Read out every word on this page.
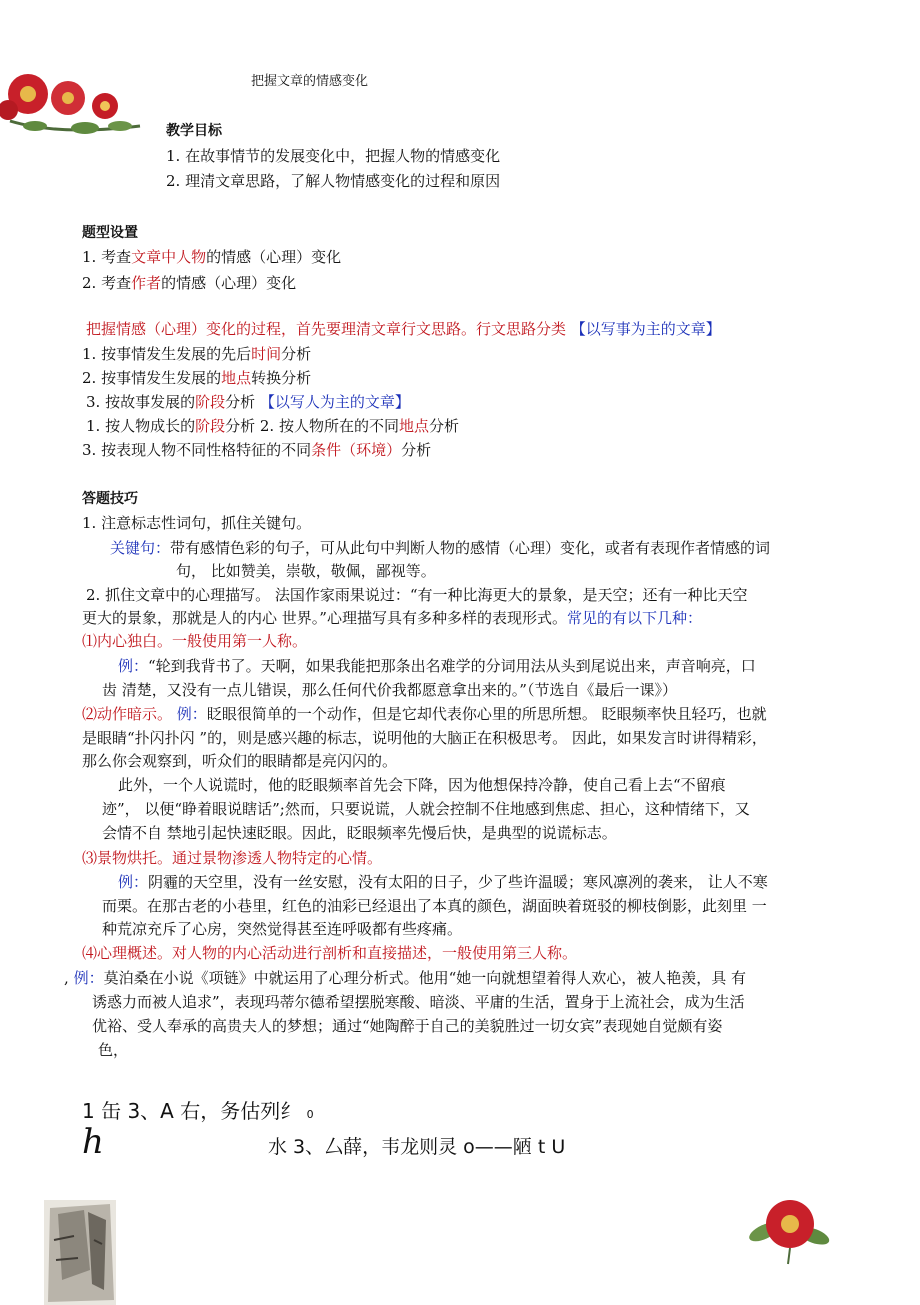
把握文章的情感变化
教学目标
1. 在故事情节的发展变化中，把握人物的情感变化
2. 理清文章思路，了解人物情感变化的过程和原因
题型设置
1. 考查文章中人物的情感（心理）变化
2. 考查作者的情感（心理）变化
把握情感（心理）变化的过程，首先要理清文章行文思路。行文思路分类 【以写事为主的文章】
1. 按事情发生发展的先后时间分析
2. 按事情发生发展的地点转换分析
3. 按故事发展的阶段分析 【以写人为主的文章】
1. 按人物成长的阶段分析 2. 按人物所在的不同地点分析
3. 按表现人物不同性格特征的不同条件（环境）分析
答题技巧
1. 注意标志性词句，抓住关键句。
关键句：带有感情色彩的句子，可从此句中判断人物的感情（心理）变化，或者有表现作者情感的词
句， 比如赞美，崇敬，敬佩，鄙视等。
2. 抓住文章中的心理描写。 法国作家雨果说过：“有一种比海更大的景象，是天空；还有一种比天空
更大的景象，那就是人的内心 世界。”心理描写具有多种多样的表现形式。常见的有以下几种：
⑴内心独白。一般使用第一人称。
例：“轮到我背书了。天啊，如果我能把那条出名难学的分词用法从头到尾说出来，声音响亮，口
齿 清楚，又没有一点儿错误，那么任何代价我都愿意拿出来的。”（节选自《最后一课》）
⑵动作暗示。 例：眨眼很简单的一个动作，但是它却代表你心里的所思所想。 眨眼频率快且轻巧，也就
是眼睛“扑闪扑闪 ”的，则是感兴趣的标志，说明他的大脑正在积极思考。 因此，如果发言时讲得精彩，
那么你会观察到，听众们的眼睛都是亮闪闪的。
此外，一个人说谎时，他的眨眼频率首先会下降，因为他想保持冷静，使自己看上去“不留痕
迹”， 以便“睁着眼说瞎话”;然而，只要说谎，人就会控制不住地感到焦虑、担心，这种情绪下，又
会情不自 禁地引起快速眨眼。因此，眨眼频率先慢后快，是典型的说谎标志。
⑶景物烘托。通过景物渗透人物特定的心情。
例：阴霾的天空里，没有一丝安慰，没有太阳的日子，少了些许温暖；寒风凛冽的袭来， 让人不寒
而栗。在那古老的小巷里，红色的油彩已经退出了本真的颜色，湖面映着斑驳的柳枝倒影，此刻里 一
种荒凉充斥了心房，突然觉得甚至连呼吸都有些疼痛。
⑷心理概述。对人物的内心活动进行剖析和直接描述，一般使用第三人称。
, 例：莫泊桑在小说《项链》中就运用了心理分析式。他用“她一向就想望着得人欢心，被人艳羡，具 有
诱惑力而被人追求”，表现玛蒂尔德希望摆脱寒酸、暗淡、平庸的生活，置身于上流社会，成为生活
优裕、受人奉承的高贵夫人的梦想；通过“她陶醉于自己的美貌胜过一切女宾”表现她自觉颇有姿
色，
1 缶 3、A 右，务估列纟 0
h	水 3、厶薛，韦龙则灵 o——陋 t U
